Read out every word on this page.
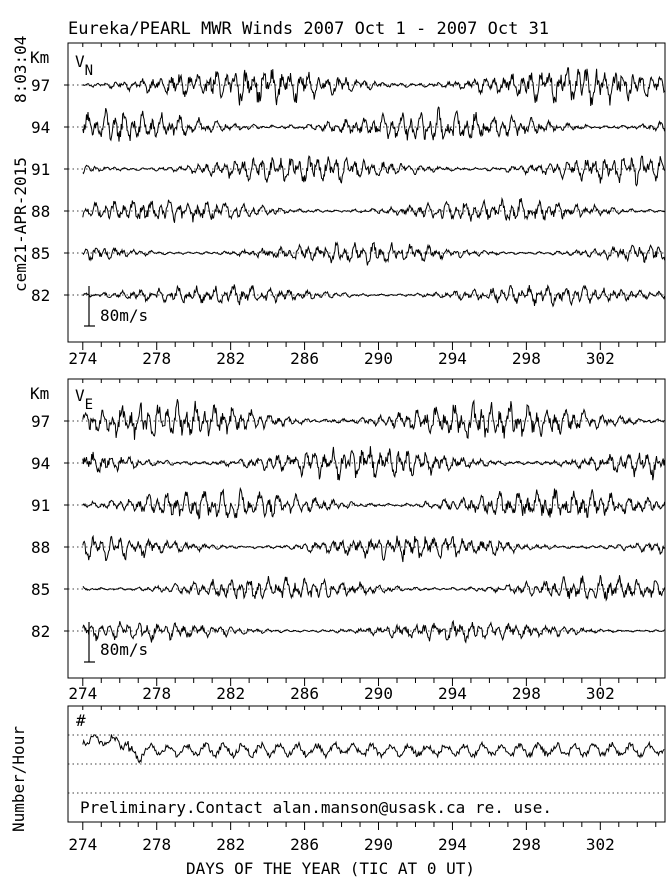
Eureka/PEARL MWR Winds 2007 Oct 1 - 2007 Oct 31
8:03:04
cem21-APR-2015
97
94
91
88
85
82
274	278	282	286	290	294	298	302
Km VN
80m/s
97
94
91
88
85
82
274	278	282	286	290	294	298	302
Km VE
80m/s
274	278	282	286	290	294	298	302
#
Number/Hour	Preliminary.Contact alan.manson@usask.ca re. use.
DAYS OF THE YEAR (TIC AT 0 UT)
